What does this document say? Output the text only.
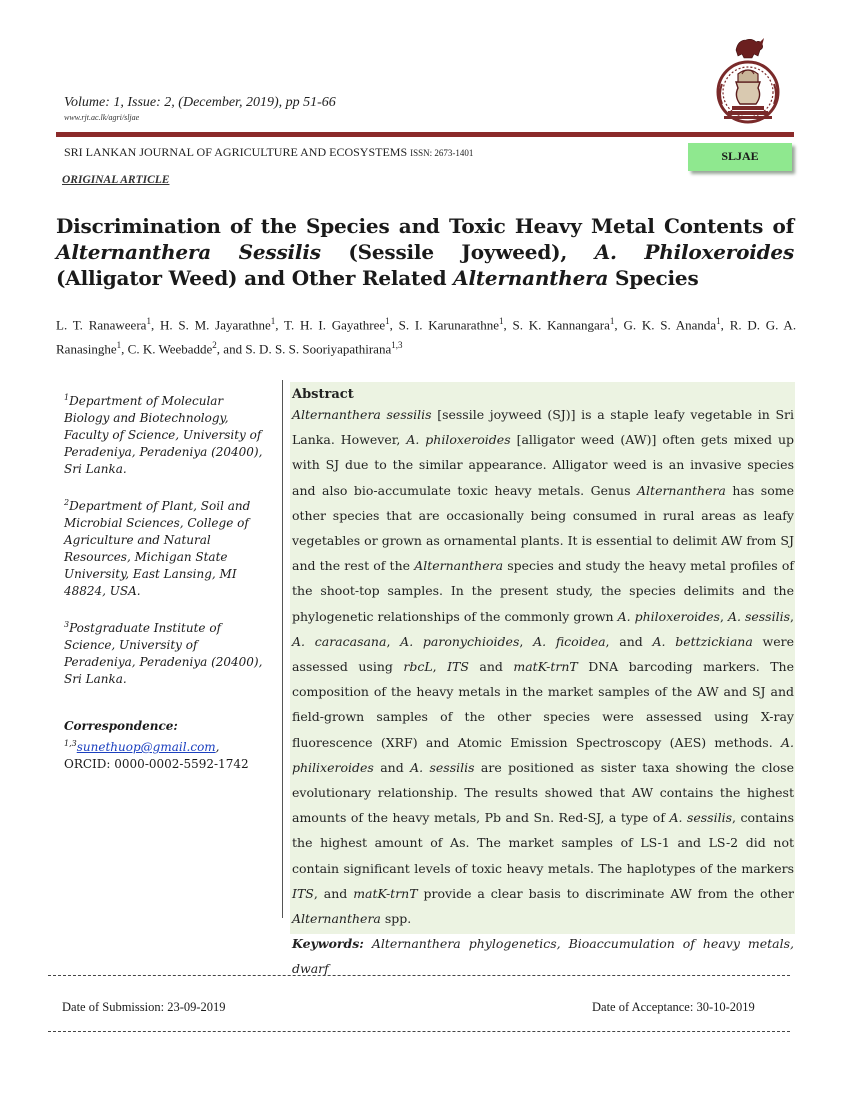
Volume: 1, Issue: 2, (December, 2019), pp 51-66
www.rjt.ac.lk/agri/sljae
SRI LANKAN JOURNAL OF AGRICULTURE AND ECOSYSTEMS ISSN: 2673-1401	SLJAE
ORIGINAL ARTICLE
Discrimination of the Species and Toxic Heavy Metal Contents of Alternanthera Sessilis (Sessile Joyweed), A. Philoxeroides (Alligator Weed) and Other Related Alternanthera Species
L. T. Ranaweera$^1$, H. S. M. Jayarathne$^1$, T. H. I. Gayathree$^1$, S. I. Karunarathne$^1$, S. K. Kannangara$^1$, G. K. S. Ananda$^1$, R. D. G. A. Ranasinghe$^1$, C. K. Weebadde$^2$, and S. D. S. S. Sooriyapathirana$^{1,3}$

$^1$Department of Molecular Biology and Biotechnology, Faculty of Science, University of Peradeniya, Peradeniya (20400), Sri Lanka.

$^2$Department of Plant, Soil and Microbial Sciences, College of Agriculture and Natural Resources, Michigan State University, East Lansing, MI 48824, USA.

$^3$Postgraduate Institute of Science, University of Peradeniya, Peradeniya (20400), Sri Lanka.

Correspondence:
$^{1,3}$sunethuop@gmail.com,
ORCID: 0000-0002-5592-1742
Abstract
Alternanthera sessilis [sessile joyweed (SJ)] is a staple leafy vegetable in Sri Lanka. However, A. philoxeroides [alligator weed (AW)] often gets mixed up with SJ due to the similar appearance. Alligator weed is an invasive species and also bio-accumulate toxic heavy metals. Genus Alternanthera has some other species that are occasionally being consumed in rural areas as leafy vegetables or grown as ornamental plants. It is essential to delimit AW from SJ and the rest of the Alternanthera species and study the heavy metal profiles of the shoot-top samples. In the present study, the species delimits and the phylogenetic relationships of the commonly grown A. philoxeroides, A. sessilis, A. caracasana, A. paronychioides, A. ficoidea, and A. bettzickiana were assessed using rbcL, ITS and matK-trnT DNA barcoding markers. The composition of the heavy metals in the market samples of the AW and SJ and field-grown samples of the other species were assessed using X-ray fluorescence (XRF) and Atomic Emission Spectroscopy (AES) methods. A. philixeroides and A. sessilis are positioned as sister taxa showing the close evolutionary relationship. The results showed that AW contains the highest amounts of the heavy metals, Pb and Sn. Red-SJ, a type of A. sessilis, contains the highest amount of As. The market samples of LS-1 and LS-2 did not contain significant levels of toxic heavy metals. The haplotypes of the markers ITS, and matK-trnT provide a clear basis to discriminate AW from the other Alternanthera spp.
Keywords: Alternanthera phylogenetics, Bioaccumulation of heavy metals, dwarf
Date of Submission: 23-09-2019	Date of Acceptance: 30-10-2019
